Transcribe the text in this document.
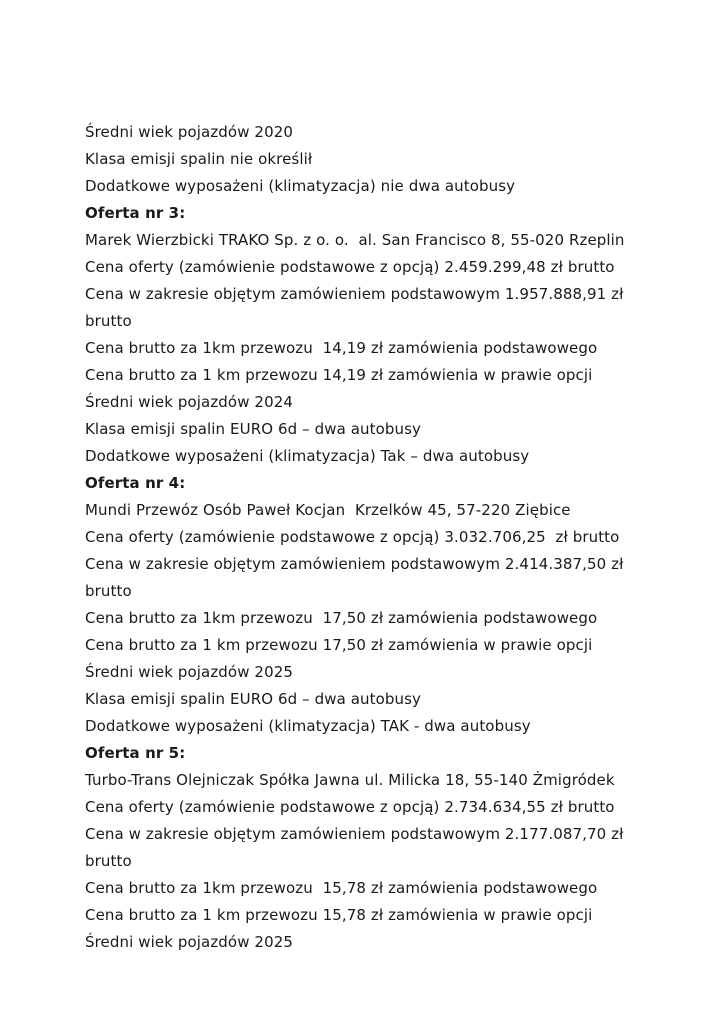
Średni wiek pojazdów 2020
Klasa emisji spalin nie określił
Dodatkowe wyposażeni (klimatyzacja) nie dwa autobusy
Oferta nr 3:
Marek Wierzbicki TRAKO Sp. z o. o.  al. San Francisco 8, 55-020 Rzeplin
Cena oferty (zamówienie podstawowe z opcją) 2.459.299,48 zł brutto
Cena w zakresie objętym zamówieniem podstawowym 1.957.888,91 zł
brutto
Cena brutto za 1km przewozu  14,19 zł zamówienia podstawowego
Cena brutto za 1 km przewozu 14,19 zł zamówienia w prawie opcji
Średni wiek pojazdów 2024
Klasa emisji spalin EURO 6d – dwa autobusy
Dodatkowe wyposażeni (klimatyzacja) Tak – dwa autobusy
Oferta nr 4:
Mundi Przewóz Osób Paweł Kocjan  Krzelków 45, 57-220 Ziębice
Cena oferty (zamówienie podstawowe z opcją) 3.032.706,25  zł brutto
Cena w zakresie objętym zamówieniem podstawowym 2.414.387,50 zł
brutto
Cena brutto za 1km przewozu  17,50 zł zamówienia podstawowego
Cena brutto za 1 km przewozu 17,50 zł zamówienia w prawie opcji
Średni wiek pojazdów 2025
Klasa emisji spalin EURO 6d – dwa autobusy
Dodatkowe wyposażeni (klimatyzacja) TAK - dwa autobusy
Oferta nr 5:
Turbo-Trans Olejniczak Spółka Jawna ul. Milicka 18, 55-140 Żmigródek
Cena oferty (zamówienie podstawowe z opcją) 2.734.634,55 zł brutto
Cena w zakresie objętym zamówieniem podstawowym 2.177.087,70 zł
brutto
Cena brutto za 1km przewozu  15,78 zł zamówienia podstawowego
Cena brutto za 1 km przewozu 15,78 zł zamówienia w prawie opcji
Średni wiek pojazdów 2025
